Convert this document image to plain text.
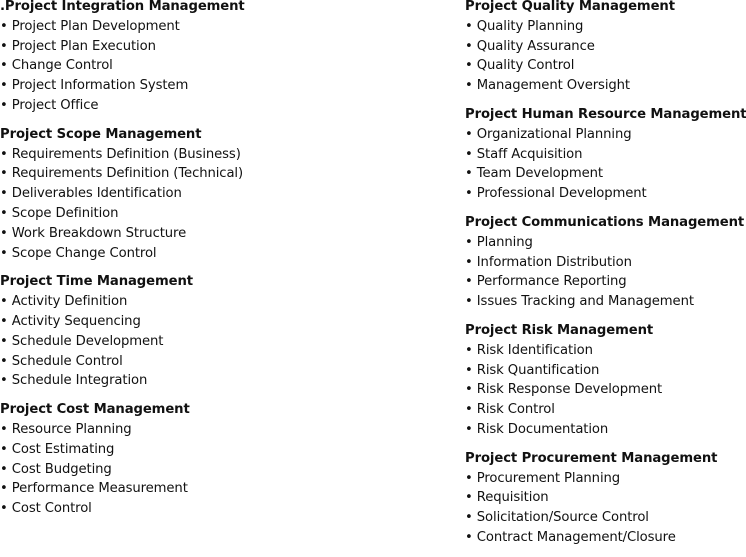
.Project Integration Management
• Project Plan Development
• Project Plan Execution
• Change Control
• Project Information System
• Project Office
Project Scope Management
• Requirements Definition (Business)
• Requirements Definition (Technical)
• Deliverables Identification
• Scope Definition
• Work Breakdown Structure
• Scope Change Control
Project Time Management
• Activity Definition
• Activity Sequencing
• Schedule Development
• Schedule Control
• Schedule Integration
Project Cost Management
• Resource Planning
• Cost Estimating
• Cost Budgeting
• Performance Measurement
• Cost Control
Project Quality Management
• Quality Planning
• Quality Assurance
• Quality Control
• Management Oversight
Project Human Resource Management
• Organizational Planning
• Staff Acquisition
• Team Development
• Professional Development
Project Communications Management
• Planning
• Information Distribution
• Performance Reporting
• Issues Tracking and Management
Project Risk Management
• Risk Identification
• Risk Quantification
• Risk Response Development
• Risk Control
• Risk Documentation
Project Procurement Management
• Procurement Planning
• Requisition
• Solicitation/Source Control
• Contract Management/Closure
